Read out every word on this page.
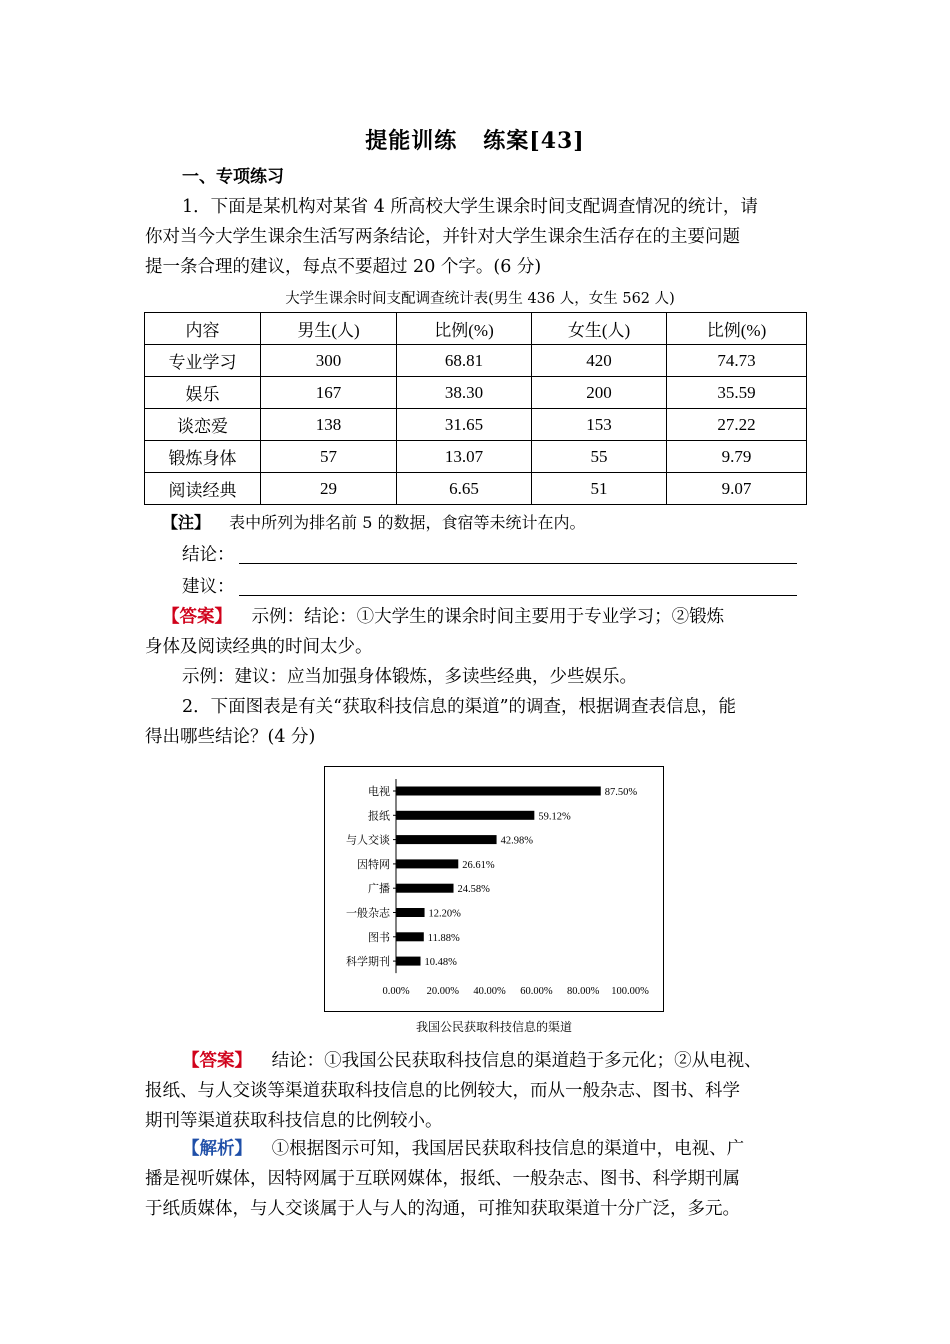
提能训练 练案[43]
一、专项练习
1．下面是某机构对某省 4 所高校大学生课余时间支配调查情况的统计，请
你对当今大学生课余生活写两条结论，并针对大学生课余生活存在的主要问题
提一条合理的建议，每点不要超过 20 个字。(6 分)
大学生课余时间支配调查统计表(男生 436 人，女生 562 人)
内容	男生(人)	比例(%)	女生(人)	比例(%)
专业学习	300	68.81	420	74.73
娱乐	167	38.30	200	35.59
谈恋爱	138	31.65	153	27.22
锻炼身体	57	13.07	55	9.79
阅读经典	29	6.65	51	9.07
【注】 表中所列为排名前 5 的数据，食宿等未统计在内。
结论：
建议：
【答案】 示例：结论：①大学生的课余时间主要用于专业学习；②锻炼
身体及阅读经典的时间太少。
示例：建议：应当加强身体锻炼，多读些经典，少些娱乐。
2．下面图表是有关“获取科技信息的渠道”的调查，根据调查表信息，能
得出哪些结论？(4 分)
电视	87.50%
报纸	59.12%
与人交谈	42.98%
因特网	26.61%
广播	24.58%
一般杂志	12.20%
图书	11.88%
科学期刊	10.48%
0.00% 20.00% 40.00% 60.00% 80.00% 100.00%
我国公民获取科技信息的渠道
【答案】 结论：①我国公民获取科技信息的渠道趋于多元化；②从电视、
报纸、与人交谈等渠道获取科技信息的比例较大，而从一般杂志、图书、科学
期刊等渠道获取科技信息的比例较小。
【解析】 ①根据图示可知，我国居民获取科技信息的渠道中，电视、广
播是视听媒体，因特网属于互联网媒体，报纸、一般杂志、图书、科学期刊属
于纸质媒体，与人交谈属于人与人的沟通，可推知获取渠道十分广泛，多元。
